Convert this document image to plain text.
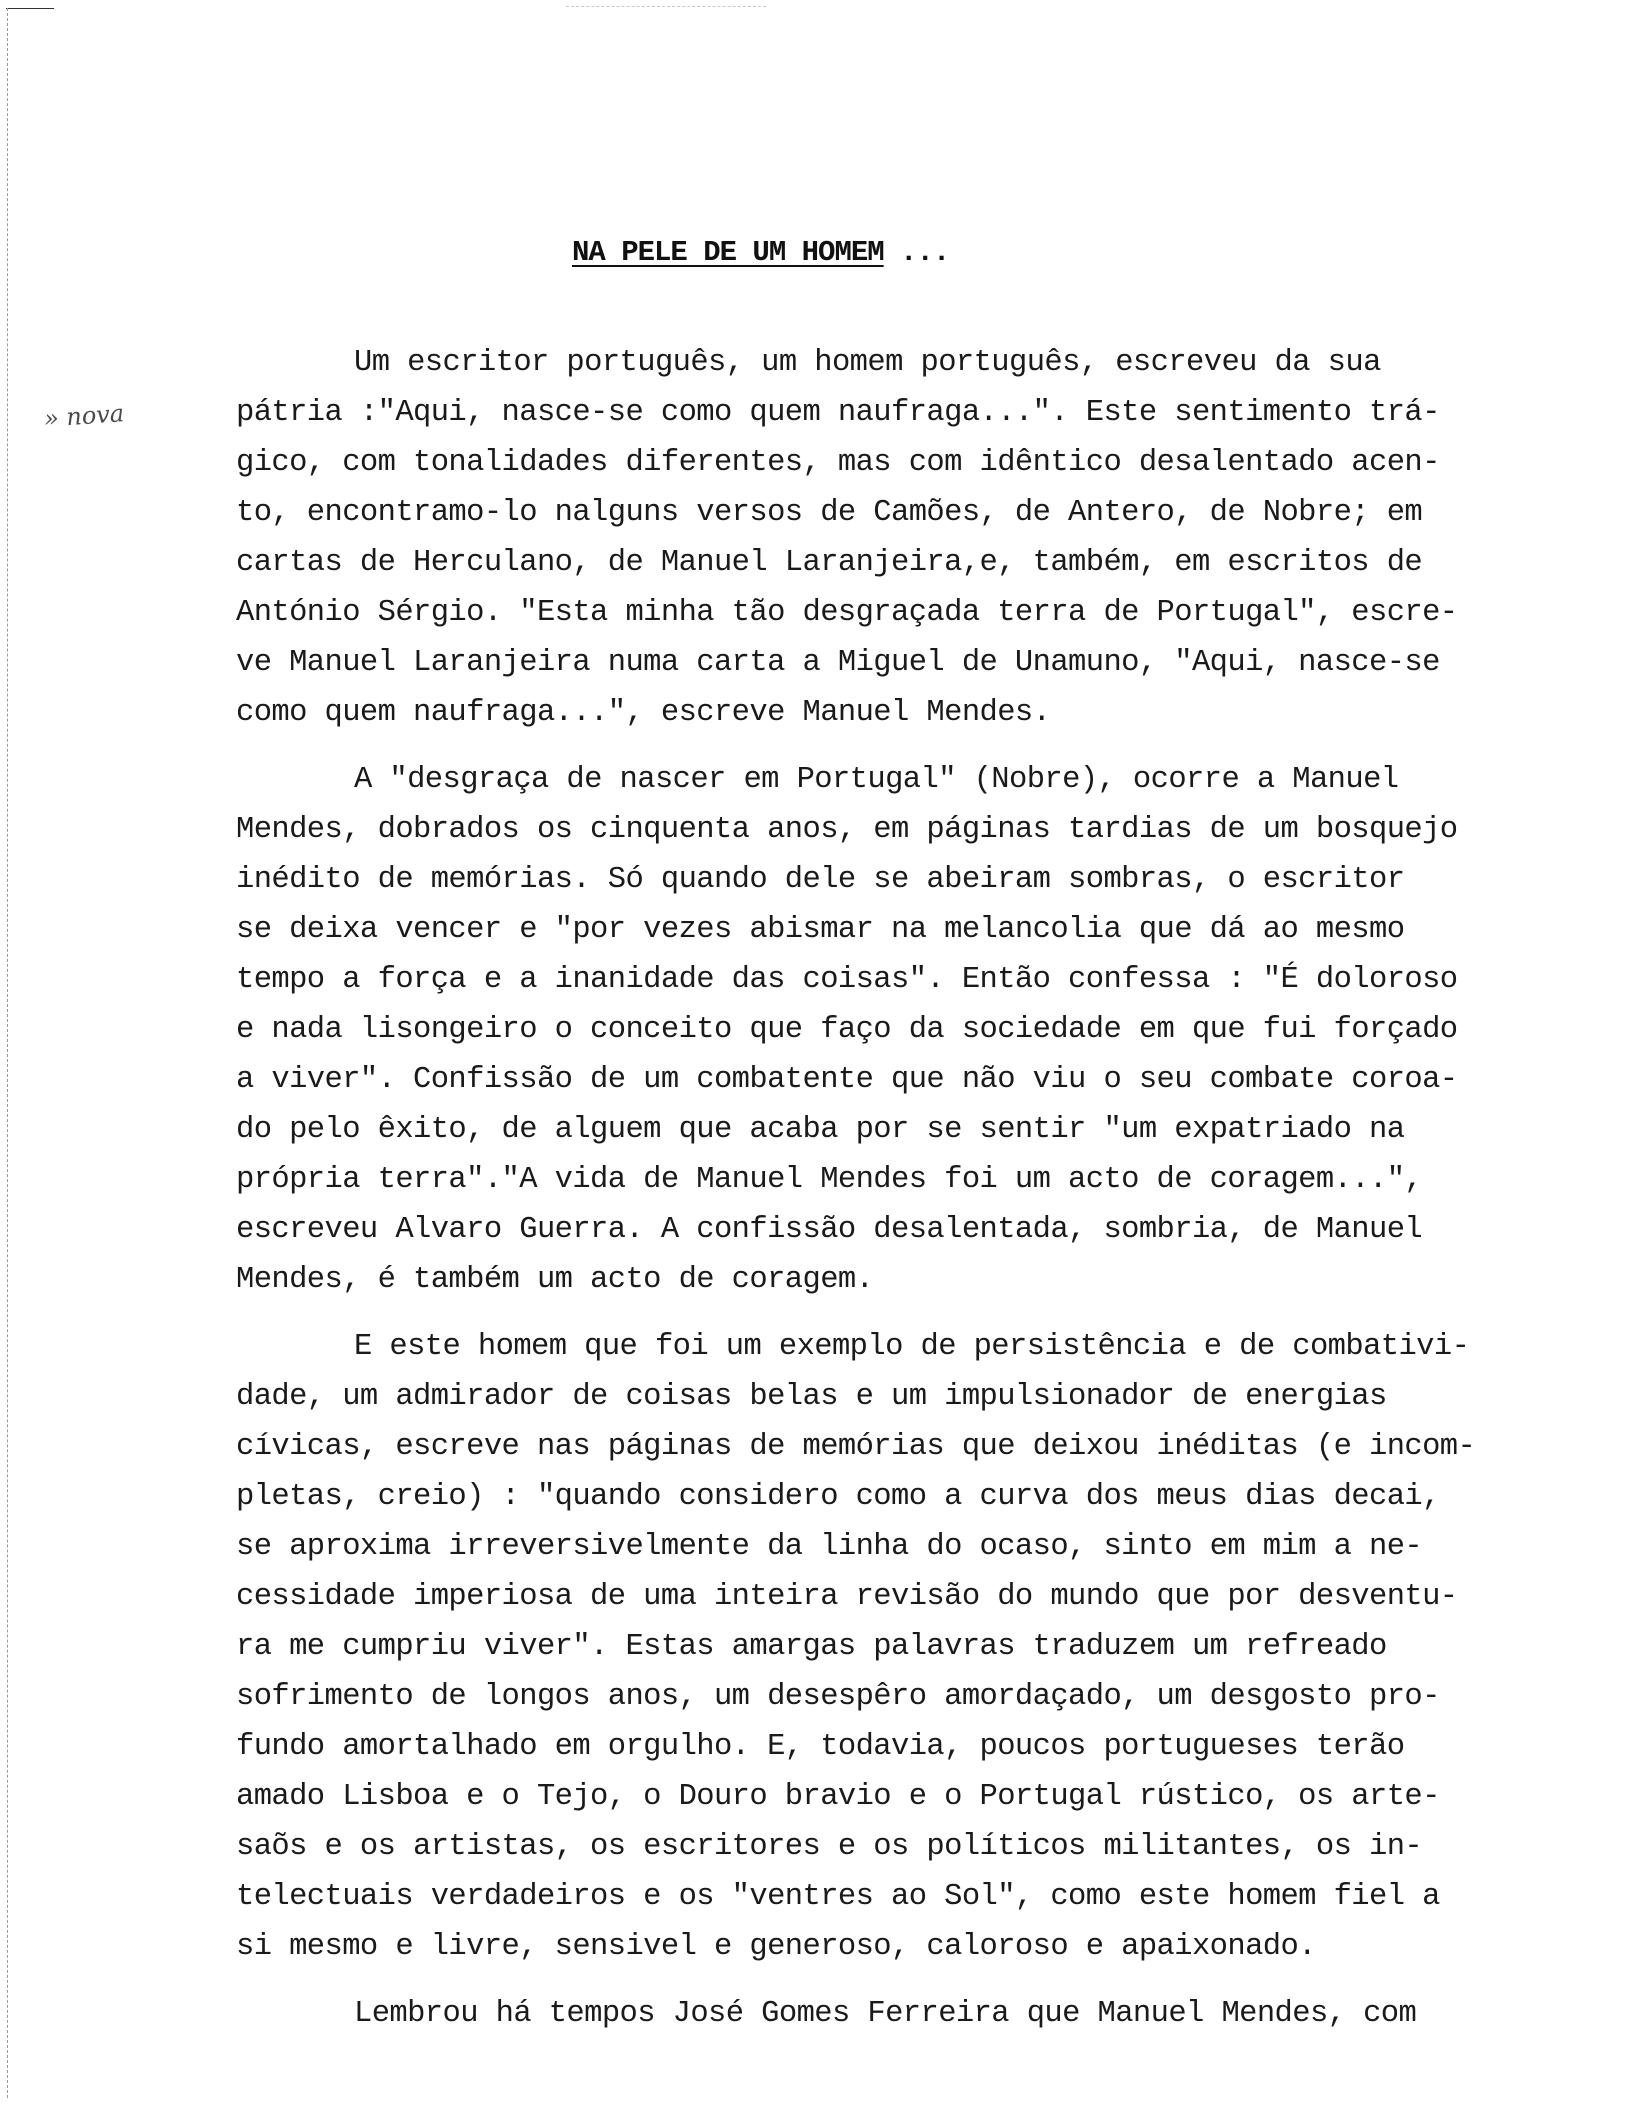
NA PELE DE UM HOMEM ...
» nova
Um escritor português, um homem português, escreveu da sua
pátria :"Aqui, nasce-se como quem naufraga...". Este sentimento trá-
gico, com tonalidades diferentes, mas com idêntico desalentado acen-
to, encontramo-lo nalguns versos de Camões, de Antero, de Nobre; em
cartas de Herculano, de Manuel Laranjeira,e, também, em escritos de
António Sérgio. "Esta minha tão desgraçada terra de Portugal", escre-
ve Manuel Laranjeira numa carta a Miguel de Unamuno, "Aqui, nasce-se
como quem naufraga...", escreve Manuel Mendes.
A "desgraça de nascer em Portugal" (Nobre), ocorre a Manuel
Mendes, dobrados os cinquenta anos, em páginas tardias de um bosquejo
inédito de memórias. Só quando dele se abeiram sombras, o escritor
se deixa vencer e "por vezes abismar na melancolia que dá ao mesmo
tempo a força e a inanidade das coisas". Então confessa : "É doloroso
e nada lisongeiro o conceito que faço da sociedade em que fui forçado
a viver". Confissão de um combatente que não viu o seu combate coroa-
do pelo êxito, de alguem que acaba por se sentir "um expatriado na
própria terra"."A vida de Manuel Mendes foi um acto de coragem...",
escreveu Alvaro Guerra. A confissão desalentada, sombria, de Manuel
Mendes, é também um acto de coragem.
E este homem que foi um exemplo de persistência e de combativi-
dade, um admirador de coisas belas e um impulsionador de energias
cívicas, escreve nas páginas de memórias que deixou inéditas (e incom-
pletas, creio) : "quando considero como a curva dos meus dias decai,
se aproxima irreversivelmente da linha do ocaso, sinto em mim a ne-
cessidade imperiosa de uma inteira revisão do mundo que por desventu-
ra me cumpriu viver". Estas amargas palavras traduzem um refreado
sofrimento de longos anos, um desespêro amordaçado, um desgosto pro-
fundo amortalhado em orgulho. E, todavia, poucos portugueses terão
amado Lisboa e o Tejo, o Douro bravio e o Portugal rústico, os arte-
saõs e os artistas, os escritores e os políticos militantes, os in-
telectuais verdadeiros e os "ventres ao Sol", como este homem fiel a
si mesmo e livre, sensivel e generoso, caloroso e apaixonado.
Lembrou há tempos José Gomes Ferreira que Manuel Mendes, com
